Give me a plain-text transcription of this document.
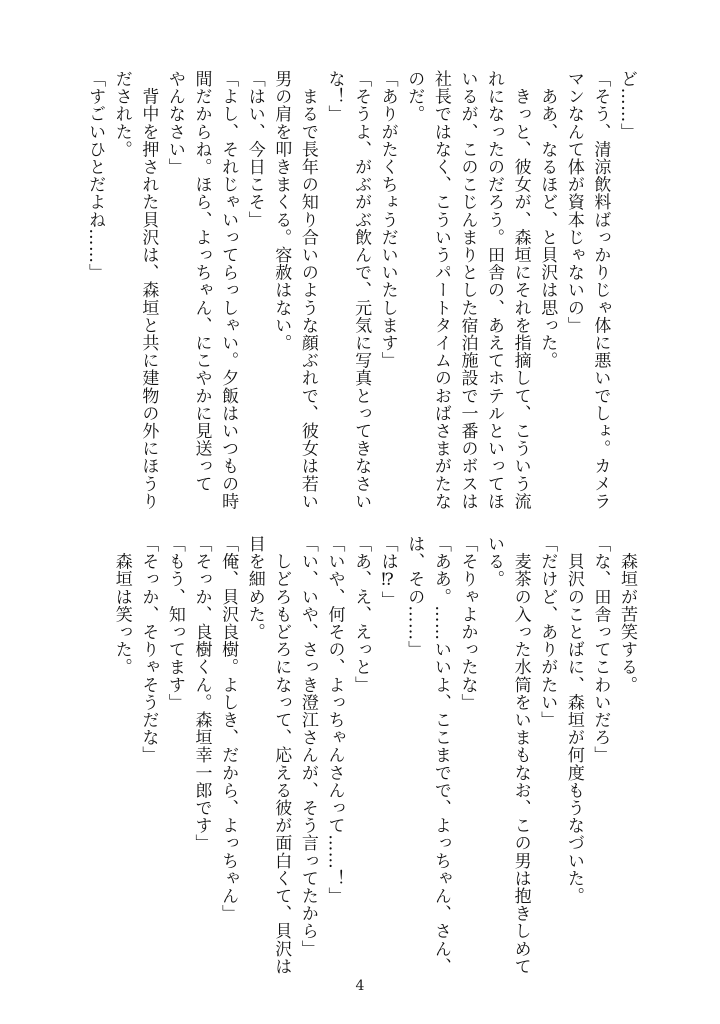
ど……」
「そう、清涼飲料ばっかりじゃ体に悪いでしょ。カメラ
マンなんて体が資本じゃないの」
　ああ、なるほど、と貝沢は思った。
　きっと、彼女が、森垣にそれを指摘して、こういう流
れになったのだろう。田舎の、あえてホテルといってほ
いるが、このこじんまりとした宿泊施設で一番のボスは
社長ではなく、こういうパートタイムのおばさまがたな
のだ。
「ありがたくちょうだいいたします」
「そうよ、がぶがぶ飲んで、元気に写真とってきなさい
な！」
　まるで長年の知り合いのような顔ぶれで、彼女は若い
男の肩を叩きまくる。容赦はない。
「はい、今日こそ」
「よし、それじゃいってらっしゃい。夕飯はいつもの時
間だからね。ほら、よっちゃん、にこやかに見送って
やんなさい」
　背中を押された貝沢は、森垣と共に建物の外にほうり
だされた。
「すごいひとだよね……」
　森垣が苦笑する。
「な、田舎ってこわいだろ」
　貝沢のことばに、森垣が何度もうなづいた。
「だけど、ありがたい」
　麦茶の入った水筒をいまもなお、この男は抱きしめて
いる。
「そりゃよかったな」
「ああ。……いいよ、ここまでで、よっちゃん、さん、
は、その……」
「は⁉」
「あ、え、えっと」
「いや、何その、よっちゃんさんって……！」
「い、いや、さっき澄江さんが、そう言ってたから」
　しどろもどろになって、応える彼が面白くて、貝沢は
目を細めた。
「俺、貝沢良樹。よしき、だから、よっちゃん」
「そっか、良樹くん。森垣幸一郎です」
「もう、知ってます」
「そっか、そりゃそうだな」
　森垣は笑った。
4
